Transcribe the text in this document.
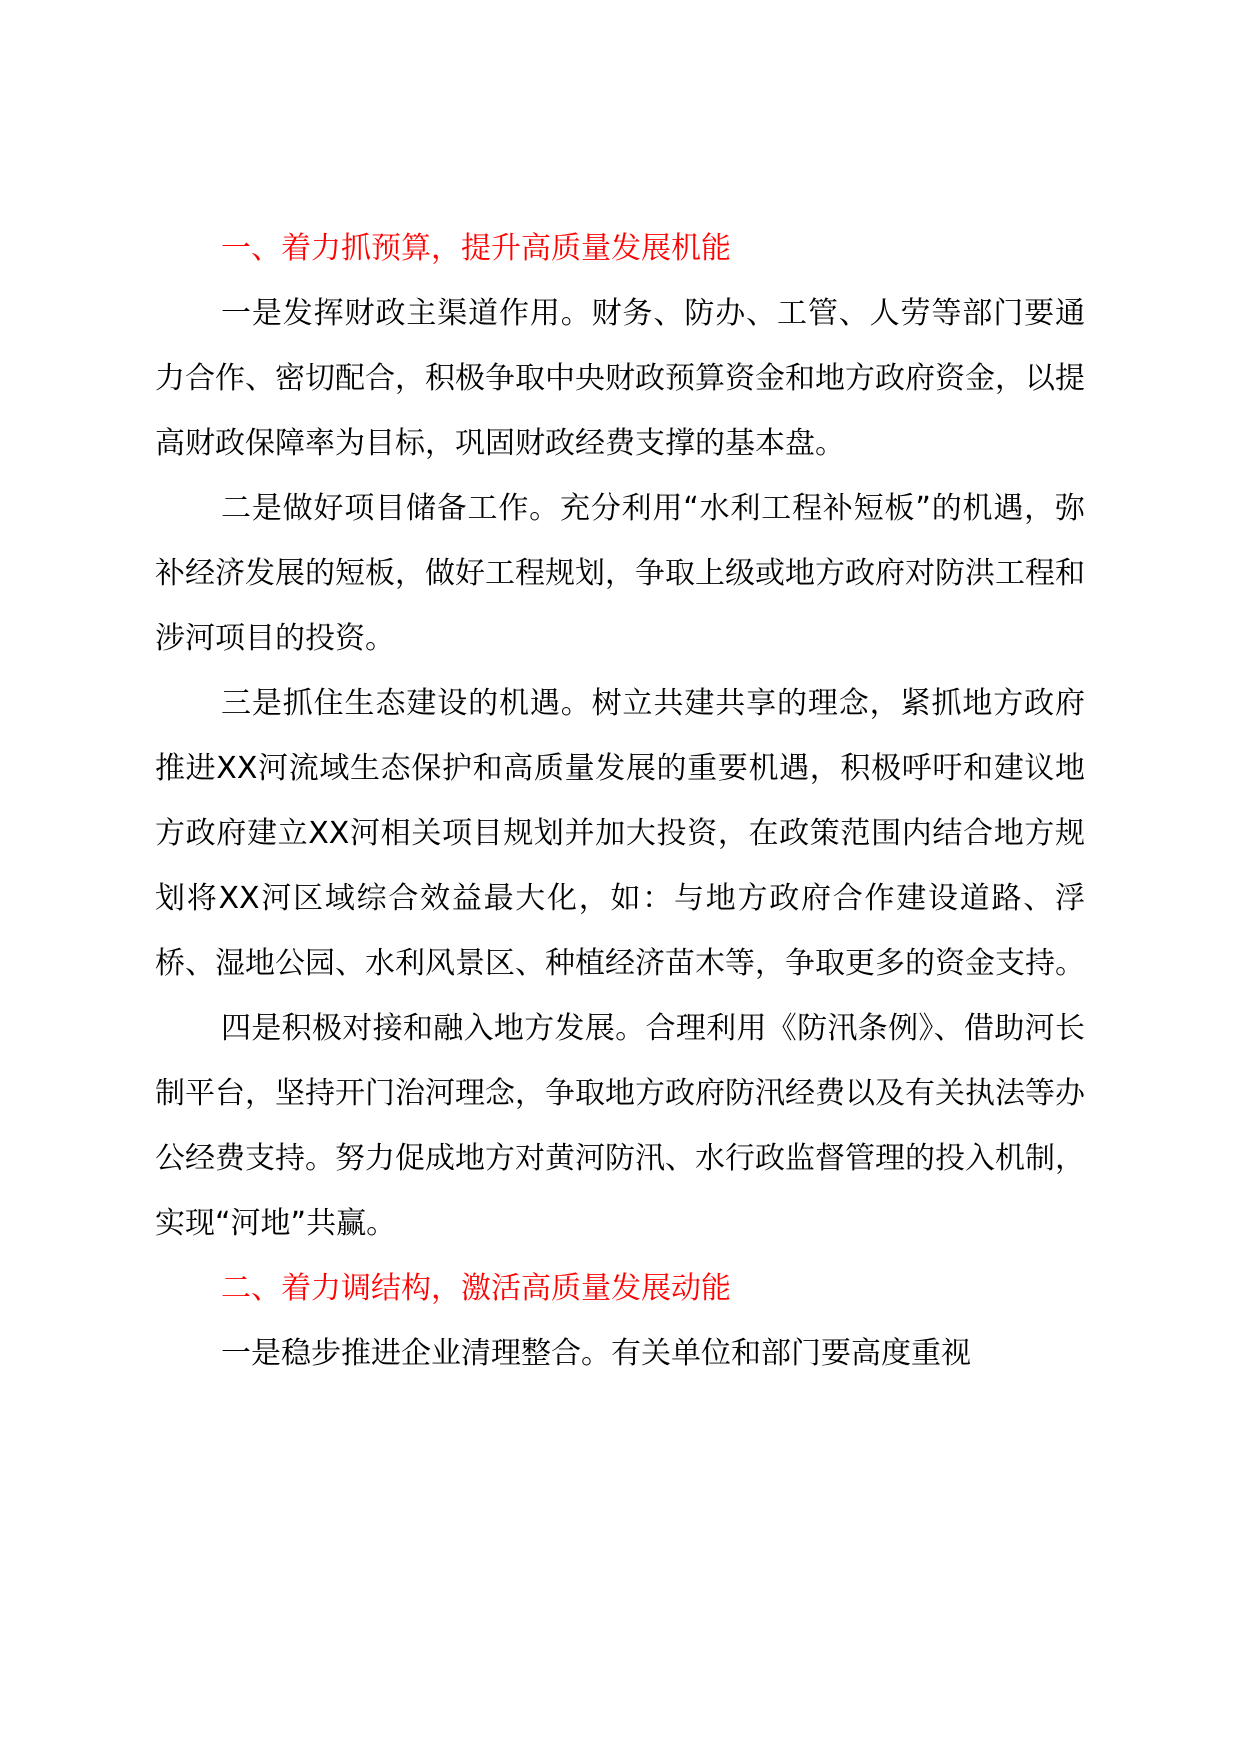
一、着力抓预算，提升高质量发展机能

一是发挥财政主渠道作用。财务、防办、工管、人劳等部门要通力合作、密切配合，积极争取中央财政预算资金和地方政府资金，以提高财政保障率为目标，巩固财政经费支撑的基本盘。

二是做好项目储备工作。充分利用“水利工程补短板”的机遇，弥补经济发展的短板，做好工程规划，争取上级或地方政府对防洪工程和涉河项目的投资。

三是抓住生态建设的机遇。树立共建共享的理念，紧抓地方政府推进XX河流域生态保护和高质量发展的重要机遇，积极呼吁和建议地方政府建立XX河相关项目规划并加大投资，在政策范围内结合地方规划将XX河区域综合效益最大化，如：与地方政府合作建设道路、浮桥、湿地公园、水利风景区、种植经济苗木等，争取更多的资金支持。

四是积极对接和融入地方发展。合理利用《防汛条例》、借助河长制平台，坚持开门治河理念，争取地方政府防汛经费以及有关执法等办公经费支持。努力促成地方对黄河防汛、水行政监督管理的投入机制，实现“河地”共赢。

二、着力调结构，激活高质量发展动能

一是稳步推进企业清理整合。有关单位和部门要高度重视
